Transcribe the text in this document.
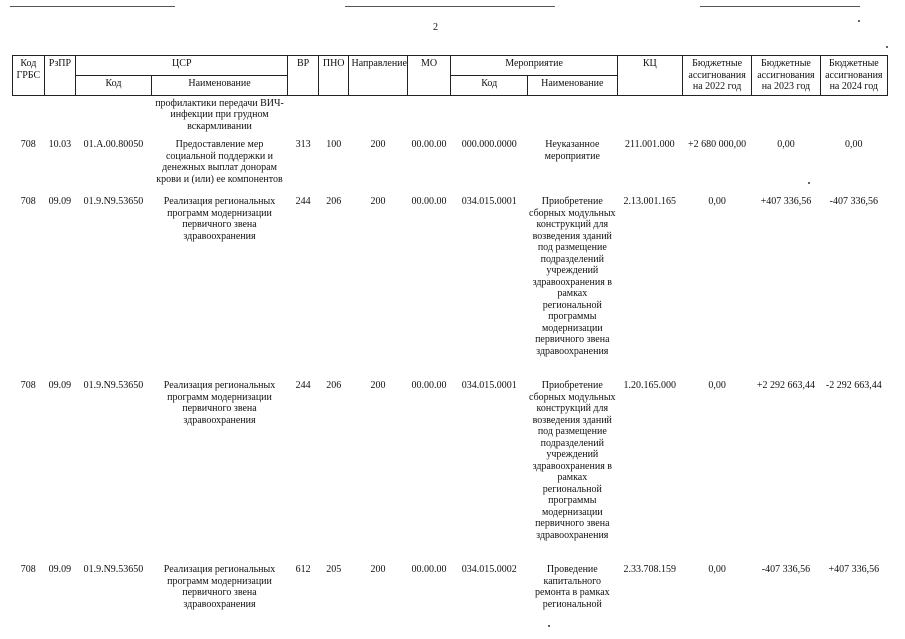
2
Код ГРБС	РзПР	ЦСР		ВР	ПНО	Направление	МО	Мероприятие		КЦ	Бюджетные ассигнования на 2022 год	Бюджетные ассигнования на 2023 год	Бюджетные ассигнования на 2024 год
		Код	Наименование					Код	Наименование				
			профилактики передачи ВИЧ-инфекции при грудном вскармливании										
708	10.03	01.А.00.80050	Предоставление мер социальной поддержки и денежных выплат донорам крови и (или) ее компонентов	313	100	200	00.00.00	000.000.0000	Неуказанное мероприятие	211.001.000	+2 680 000,00	0,00	0,00
708	09.09	01.9.N9.53650	Реализация региональных программ модернизации первичного звена здравоохранения	244	206	200	00.00.00	034.015.0001	Приобретение сборных модульных конструкций для возведения зданий под размещение подразделений учреждений здравоохранения в рамках региональной программы модернизации первичного звена здравоохранения	2.13.001.165	0,00	+407 336,56	-407 336,56
708	09.09	01.9.N9.53650	Реализация региональных программ модернизации первичного звена здравоохранения	244	206	200	00.00.00	034.015.0001	Приобретение сборных модульных конструкций для возведения зданий под размещение подразделений учреждений здравоохранения в рамках региональной программы модернизации первичного звена здравоохранения	1.20.165.000	0,00	+2 292 663,44	-2 292 663,44
708	09.09	01.9.N9.53650	Реализация региональных программ модернизации первичного звена здравоохранения	612	205	200	00.00.00	034.015.0002	Проведение капитального ремонта в рамках региональной	2.33.708.159	0,00	-407 336,56	+407 336,56
